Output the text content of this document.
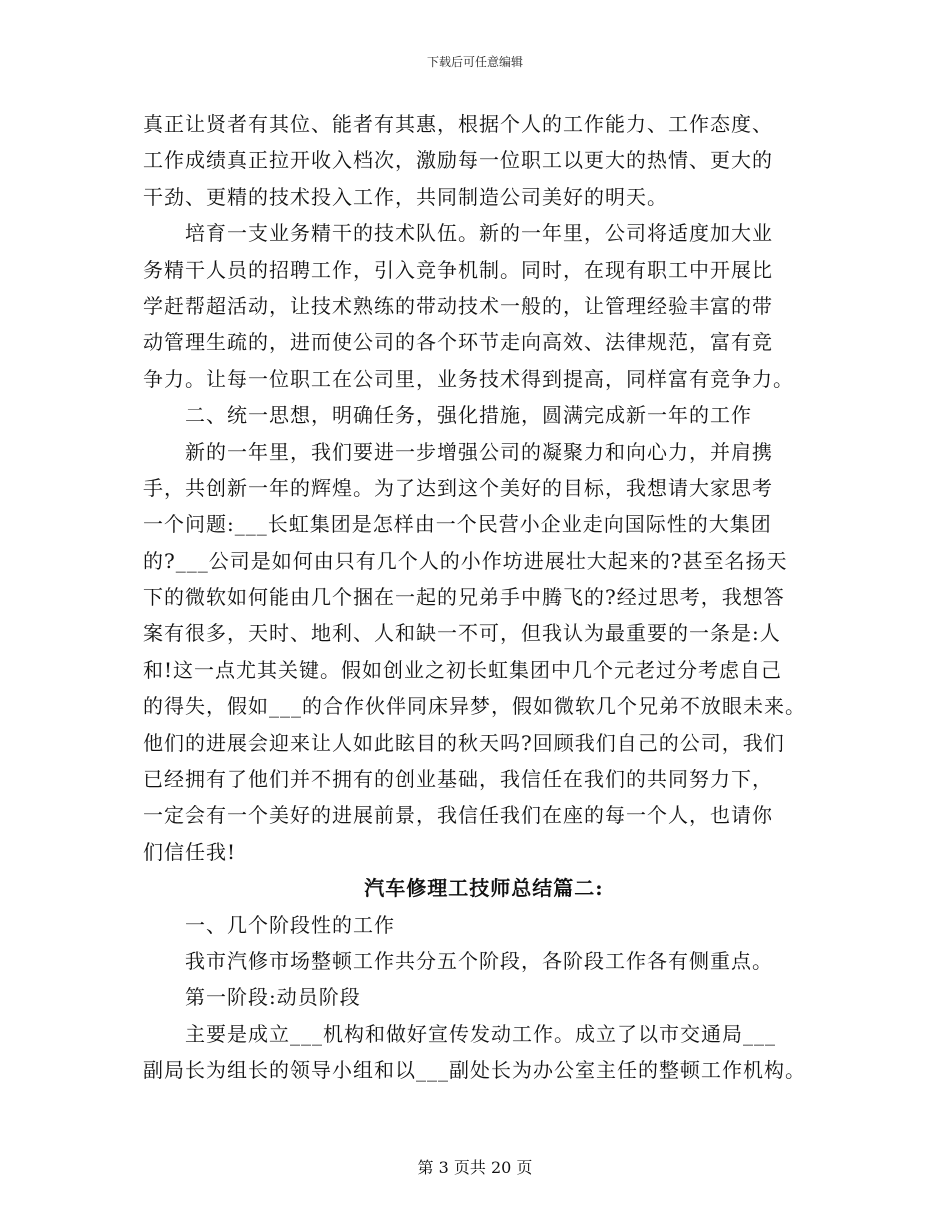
下载后可任意编辑
真正让贤者有其位、能者有其惠，根据个人的工作能力、工作态度、
工作成绩真正拉开收入档次，激励每一位职工以更大的热情、更大的
干劲、更精的技术投入工作，共同制造公司美好的明天。
培育一支业务精干的技术队伍。新的一年里，公司将适度加大业
务精干人员的招聘工作，引入竞争机制。同时，在现有职工中开展比
学赶帮超活动，让技术熟练的带动技术一般的，让管理经验丰富的带
动管理生疏的，进而使公司的各个环节走向高效、法律规范，富有竞
争力。让每一位职工在公司里，业务技术得到提高，同样富有竞争力。
二、统一思想，明确任务，强化措施，圆满完成新一年的工作
新的一年里，我们要进一步增强公司的凝聚力和向心力，并肩携
手，共创新一年的辉煌。为了达到这个美好的目标，我想请大家思考
一个问题:___长虹集团是怎样由一个民营小企业走向国际性的大集团
的?___公司是如何由只有几个人的小作坊进展壮大起来的?甚至名扬天
下的微软如何能由几个捆在一起的兄弟手中腾飞的?经过思考，我想答
案有很多，天时、地利、人和缺一不可，但我认为最重要的一条是:人
和!这一点尤其关键。假如创业之初长虹集团中几个元老过分考虑自己
的得失，假如___的合作伙伴同床异梦，假如微软几个兄弟不放眼未来。
他们的进展会迎来让人如此眩目的秋天吗?回顾我们自己的公司，我们
已经拥有了他们并不拥有的创业基础，我信任在我们的共同努力下，
一定会有一个美好的进展前景，我信任我们在座的每一个人，也请你
们信任我!
汽车修理工技师总结篇二:
一、几个阶段性的工作
我市汽修市场整顿工作共分五个阶段，各阶段工作各有侧重点。
第一阶段:动员阶段
主要是成立___机构和做好宣传发动工作。成立了以市交通局___
副局长为组长的领导小组和以___副处长为办公室主任的整顿工作机构。
第 3 页共 20 页
